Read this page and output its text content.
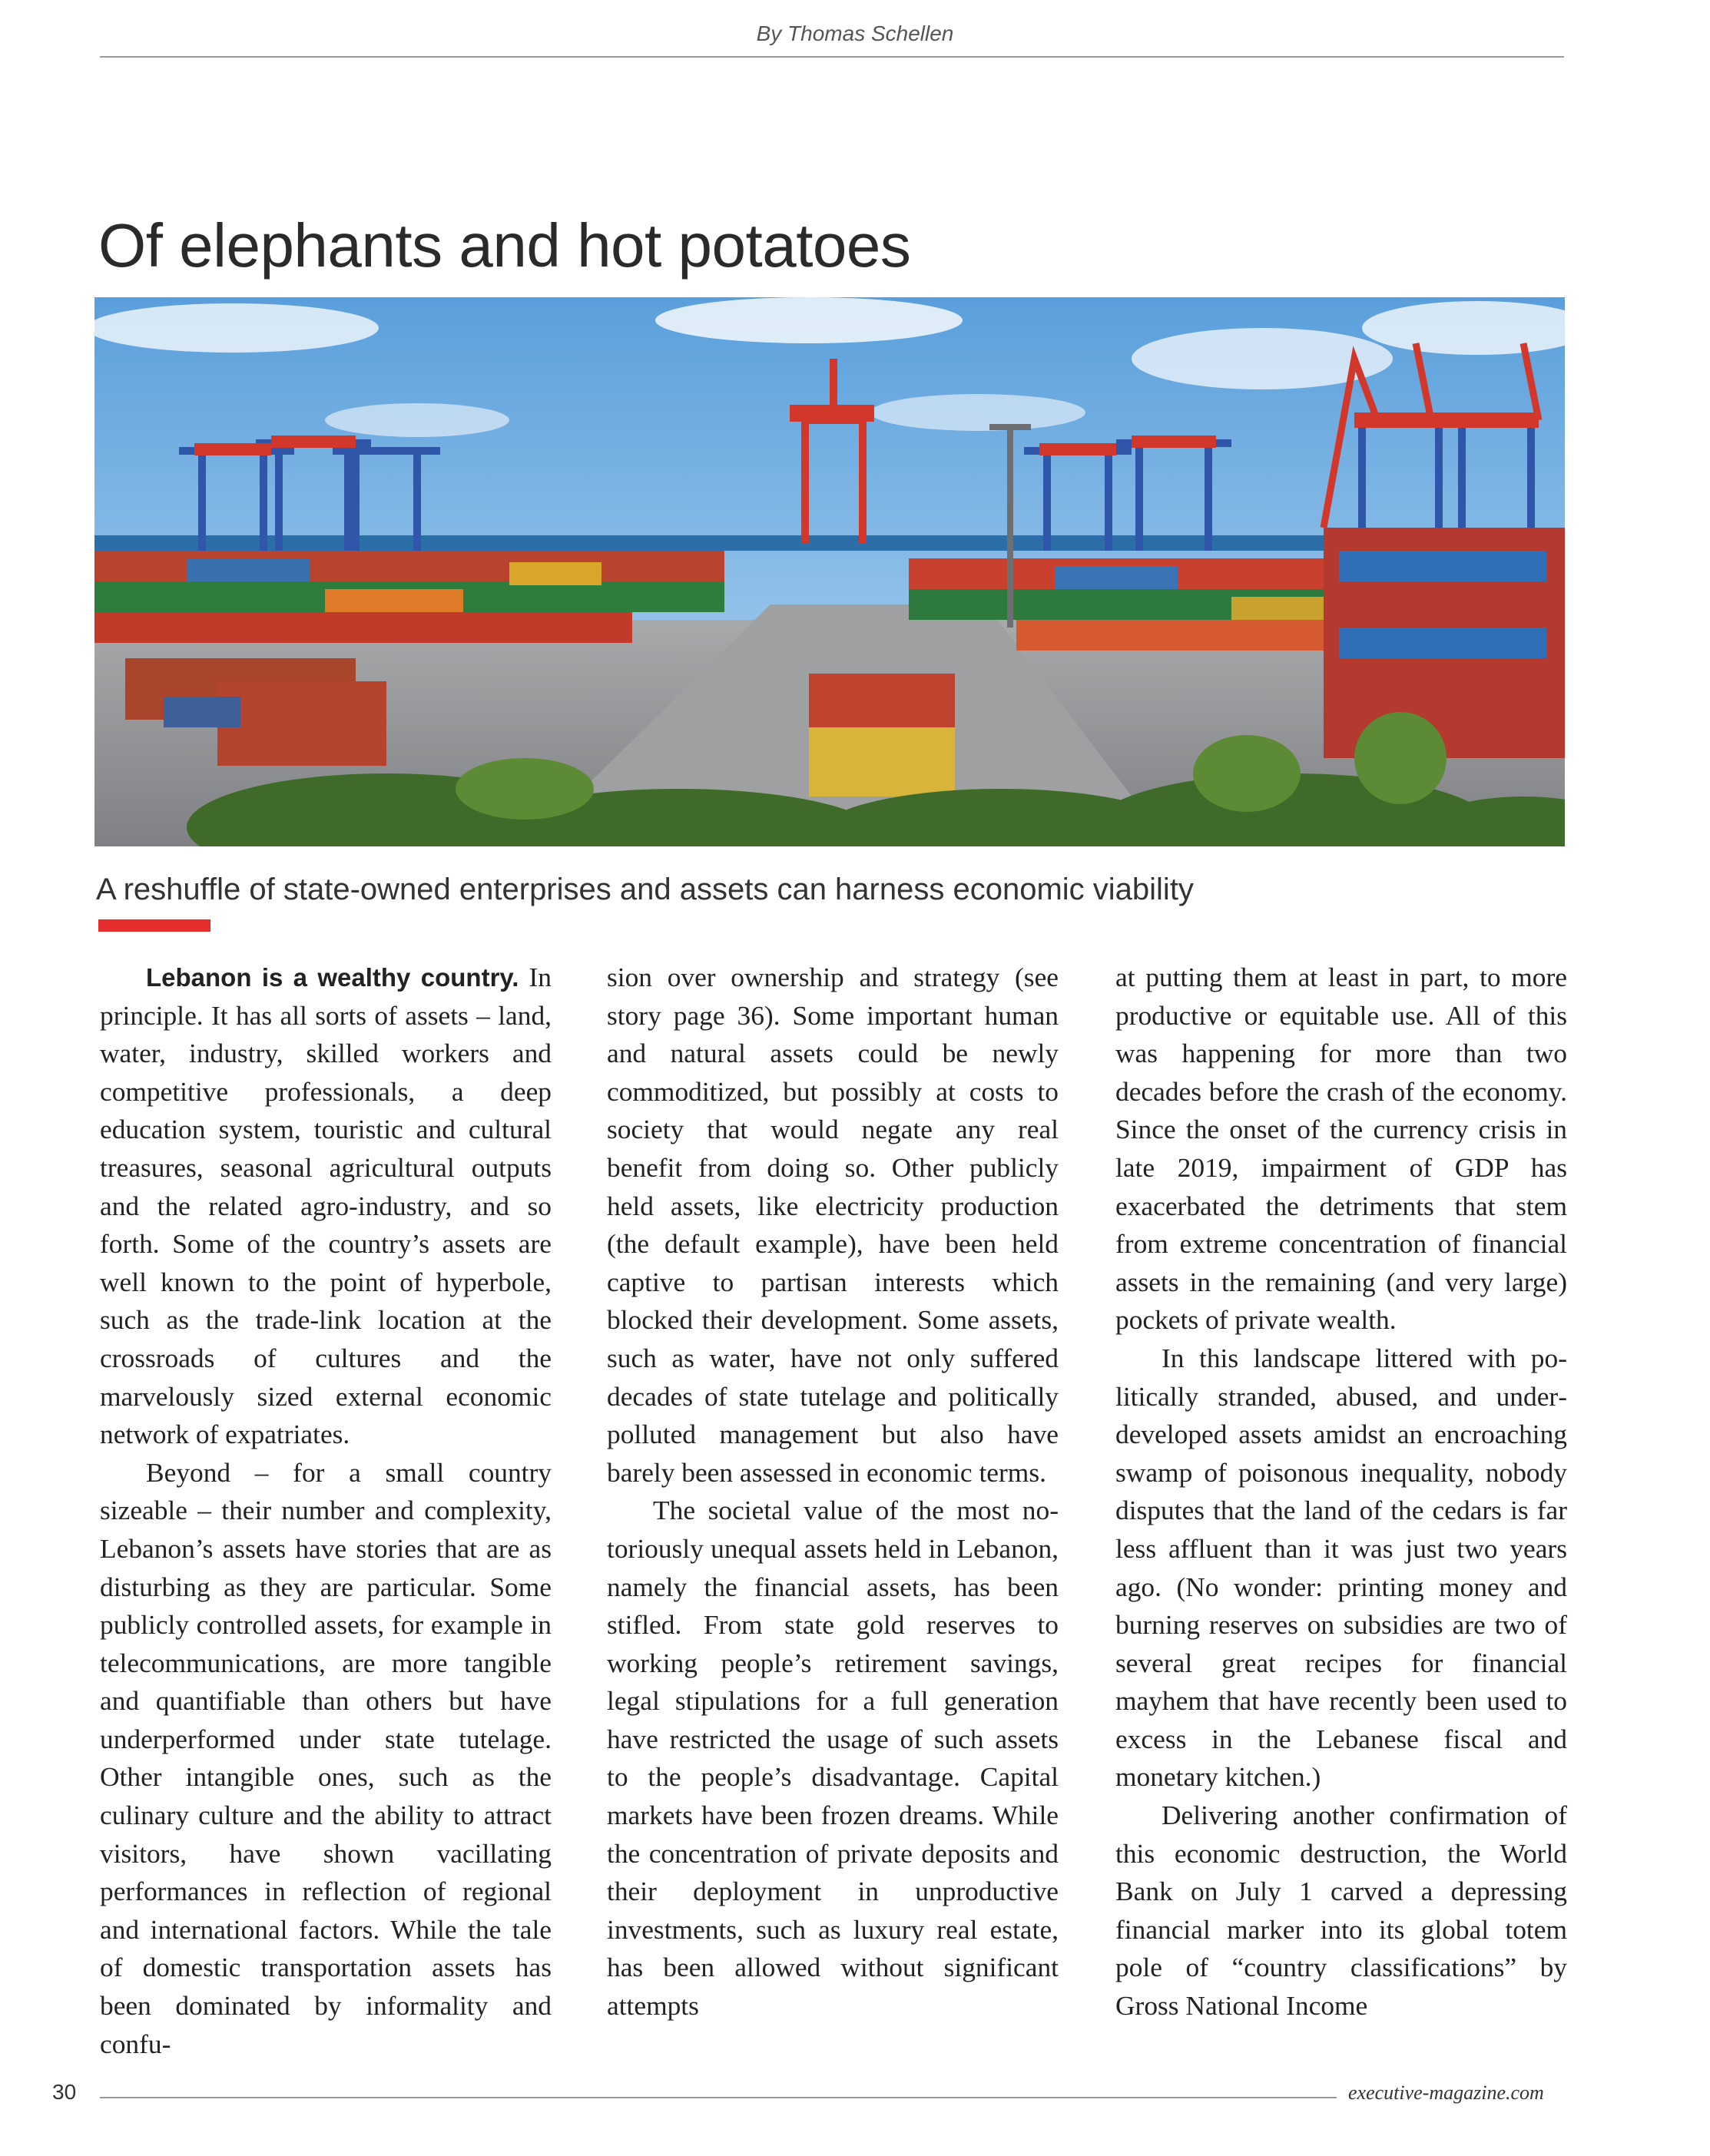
By Thomas Schellen
Of elephants and hot potatoes
A reshuffle of state-owned enterprises and assets can harness economic viability

Lebanon is a wealthy country. In principle. It has all sorts of assets – land, water, industry, skilled workers and competitive professionals, a deep education system, touristic and cultural treasures, seasonal agricultural outputs and the related agro-industry, and so forth. Some of the country’s assets are well known to the point of hyperbole, such as the trade-link location at the crossroads of cultures and the marvelously sized external economic network of expatriates.

Beyond – for a small country sizeable – their number and complexity, Lebanon’s assets have stories that are as disturbing as they are particular. Some publicly controlled assets, for example in telecommunications, are more tangible and quantifiable than others but have underperformed under state tutelage. Other intangible ones, such as the culinary culture and the ability to attract visitors, have shown vacillating performances in reflection of regional and international factors. While the tale of domestic transportation assets has been dominated by informality and confu-

sion over ownership and strategy (see story page 36). Some important human and natural assets could be newly commoditized, but possibly at costs to society that would negate any real benefit from doing so. Other publicly held assets, like electricity production (the default example), have been held captive to partisan interests which blocked their development. Some assets, such as water, have not only suffered decades of state tutelage and politically polluted management but also have barely been assessed in economic terms.

The societal value of the most notoriously unequal assets held in Lebanon, namely the financial assets, has been stifled. From state gold reserves to working people’s retirement savings, legal stipulations for a full generation have restricted the usage of such assets to the people’s disadvantage. Capital markets have been frozen dreams. While the concentration of private deposits and their deployment in unproductive investments, such as luxury real estate, has been allowed without significant attempts

at putting them at least in part, to more productive or equitable use. All of this was happening for more than two decades before the crash of the economy. Since the onset of the currency crisis in late 2019, impairment of GDP has exacerbated the detriments that stem from extreme concentration of financial assets in the remaining (and very large) pockets of private wealth.

In this landscape littered with politically stranded, abused, and underdeveloped assets amidst an encroaching swamp of poisonous inequality, nobody disputes that the land of the cedars is far less affluent than it was just two years ago. (No wonder: printing money and burning reserves on subsidies are two of several great recipes for financial mayhem that have recently been used to excess in the Lebanese fiscal and monetary kitchen.)

Delivering another confirmation of this economic destruction, the World Bank on July 1 carved a depressing financial marker into its global totem pole of “country classifications” by Gross National Income

30	executive-magazine.com
